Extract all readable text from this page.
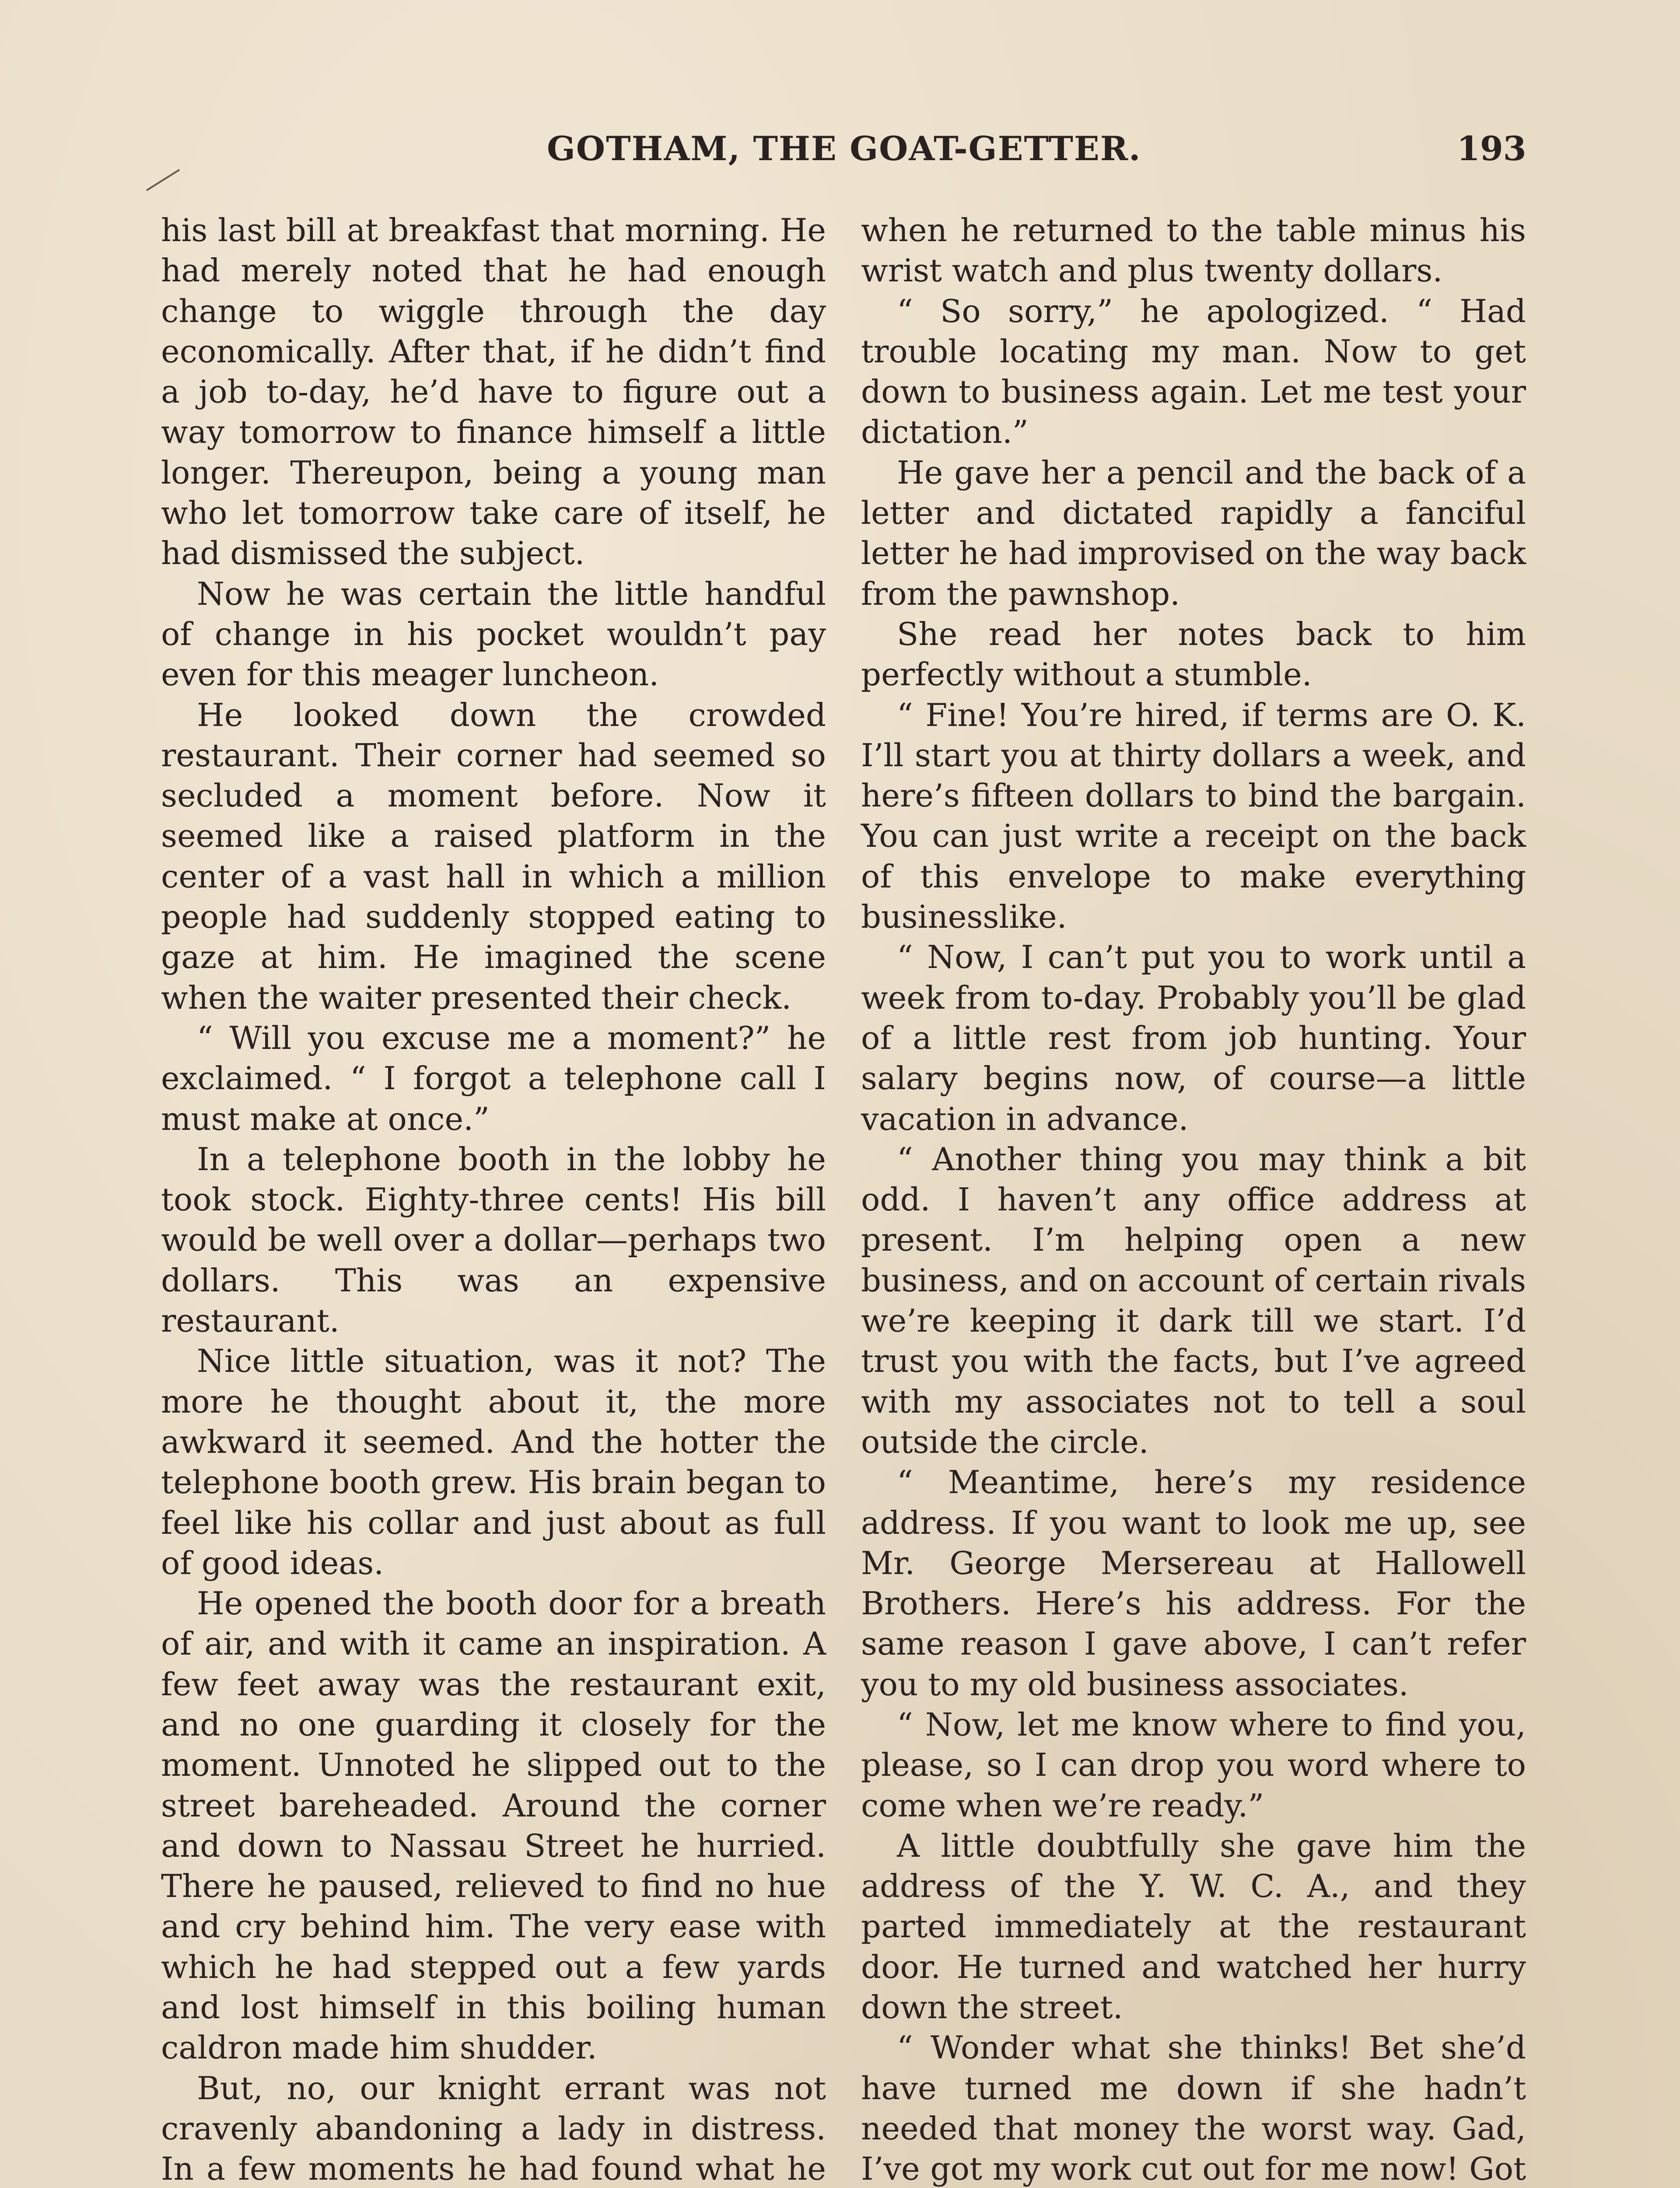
GOTHAM, THE GOAT-GETTER.	193

his last bill at breakfast that morning. He had merely noted that he had enough change to wiggle through the day economically. After that, if he didn’t find a job to-day, he’d have to figure out a way tomorrow to finance himself a little longer. Thereupon, being a young man who let tomorrow take care of itself, he had dismissed the subject.

Now he was certain the little handful of change in his pocket wouldn’t pay even for this meager luncheon.

He looked down the crowded restaurant. Their corner had seemed so secluded a moment before. Now it seemed like a raised platform in the center of a vast hall in which a million people had suddenly stopped eating to gaze at him. He imagined the scene when the waiter presented their check.

“ Will you excuse me a moment?” he exclaimed. “ I forgot a telephone call I must make at once.”

In a telephone booth in the lobby he took stock. Eighty-three cents! His bill would be well over a dollar—perhaps two dollars. This was an expensive restaurant.

Nice little situation, was it not? The more he thought about it, the more awkward it seemed. And the hotter the telephone booth grew. His brain began to feel like his collar and just about as full of good ideas.

He opened the booth door for a breath of air, and with it came an inspiration. A few feet away was the restaurant exit, and no one guarding it closely for the moment. Unnoted he slipped out to the street bareheaded. Around the corner and down to Nassau Street he hurried. There he paused, relieved to find no hue and cry behind him. The very ease with which he had stepped out a few yards and lost himself in this boiling human caldron made him shudder.

But, no, our knight errant was not cravenly abandoning a lady in distress. In a few moments he had found what he

when he returned to the table minus his wrist watch and plus twenty dollars.

“ So sorry,” he apologized. “ Had trouble locating my man. Now to get down to business again. Let me test your dictation.”

He gave her a pencil and the back of a letter and dictated rapidly a fanciful letter he had improvised on the way back from the pawnshop.

She read her notes back to him perfectly without a stumble.

“ Fine! You’re hired, if terms are O. K. I’ll start you at thirty dollars a week, and here’s fifteen dollars to bind the bargain. You can just write a receipt on the back of this envelope to make everything businesslike.

“ Now, I can’t put you to work until a week from to-day. Probably you’ll be glad of a little rest from job hunting. Your salary begins now, of course—a little vacation in advance.

“ Another thing you may think a bit odd. I haven’t any office address at present. I’m helping open a new business, and on account of certain rivals we’re keeping it dark till we start. I’d trust you with the facts, but I’ve agreed with my associates not to tell a soul outside the circle.

“ Meantime, here’s my residence address. If you want to look me up, see Mr. George Mersereau at Hallowell Brothers. Here’s his address. For the same reason I gave above, I can’t refer you to my old business associates.

“ Now, let me know where to find you, please, so I can drop you word where to come when we’re ready.”

A little doubtfully she gave him the address of the Y. W. C. A., and they parted immediately at the restaurant door. He turned and watched her hurry down the street.

“ Wonder what she thinks! Bet she’d have turned me down if she hadn’t needed that money the worst way. Gad, I’ve got my work cut out for me now! Got
